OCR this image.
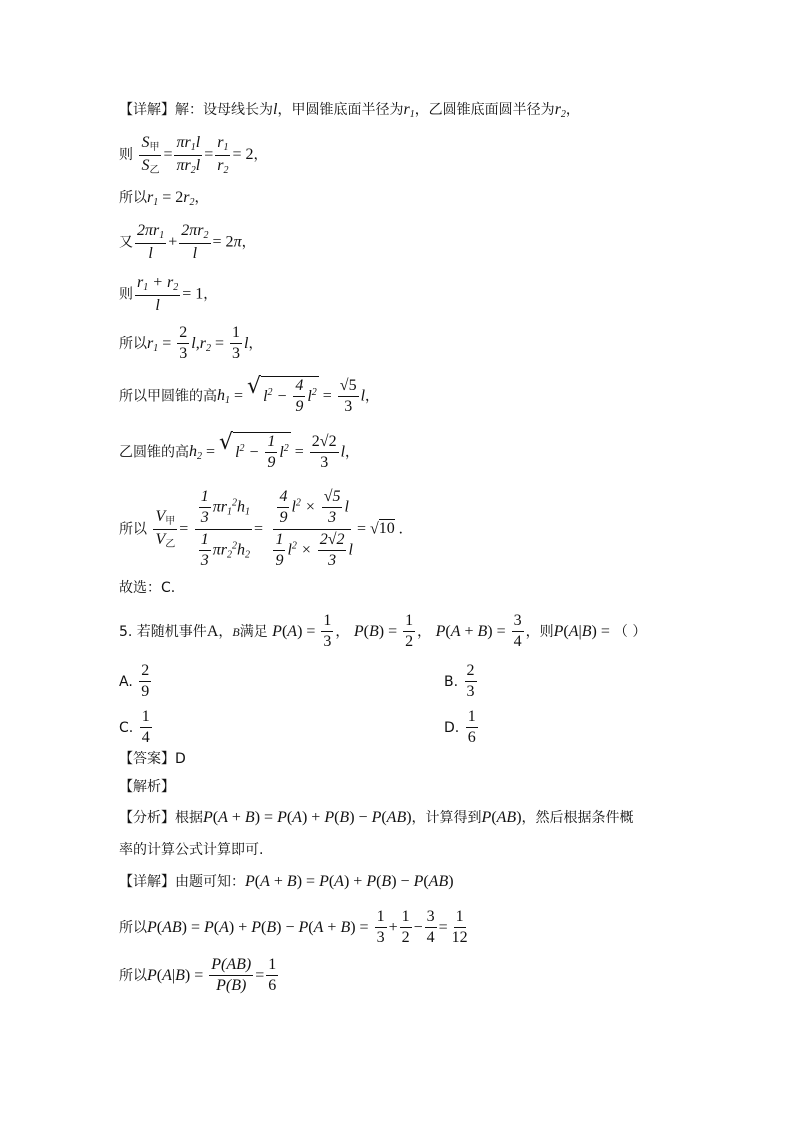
【详解】解：设母线长为l，甲圆锥底面半径为$r_1$，乙圆锥底面圆半径为$r_2$，
则 $\frac{S_甲}{S_乙} = \frac{\pi r_1l}{\pi r_2l} = \frac{r_1}{r_2} = 2$，
所以$r_1 = 2r_2$，
又 $\frac{2\pi r_1}{l} + \frac{2\pi r_2}{l} = 2\pi$，
则 $\frac{r_1 + r_2}{l} = 1$，
所以$r_1 = \frac{2}{3} l,r_2 = \frac{1}{3}$ l，
所以甲圆锥的高$h_1$ = √ $l^2 - \frac{4}{9} l^2 = \frac{√5}{3}$ l，
乙圆锥的高$h_2$ = √ $l^2 - \frac{1}{9} l^2 = \frac{2√2}{3}$ l，
所以 $\frac{V_甲}{V_乙} = \frac{\frac{1}{3} \pi r_1^2h_1}{\frac{1}{3} \pi r_2^2h_2} = \frac{\frac{4}{9} l^2 \times \frac{√5}{3} l}{\frac{1}{9} l^2 \times \frac{2√2}{3} l} = √10$ .
故选：C.
5. 若随机事件A，B满足 $P(A) = \frac{1}{3}$ ， $P(B) = \frac{1}{2}$ ， $P(A + B) = \frac{3}{4}$ ，则P(A|B) = （ ）
A. $\frac{2}{9}$	B. $\frac{2}{3}$
C. $\frac{1}{4}$	D. $\frac{1}{6}$
【答案】D
【解析】
【分析】根据P(A + B) = P(A) + P(B) − P(AB)，计算得到P(AB)，然后根据条件概
率的计算公式计算即可.
【详解】由题可知：P(A + B) = P(A) + P(B) − P(AB)
所以$P(AB) = P(A) + P(B) - P(A + B) = \frac{1}{3} + \frac{1}{2} - \frac{3}{4} = \frac{1}{12}$
所以$P(A|B) = \frac{P(AB)}{P(B)} = \frac{1}{6}$
